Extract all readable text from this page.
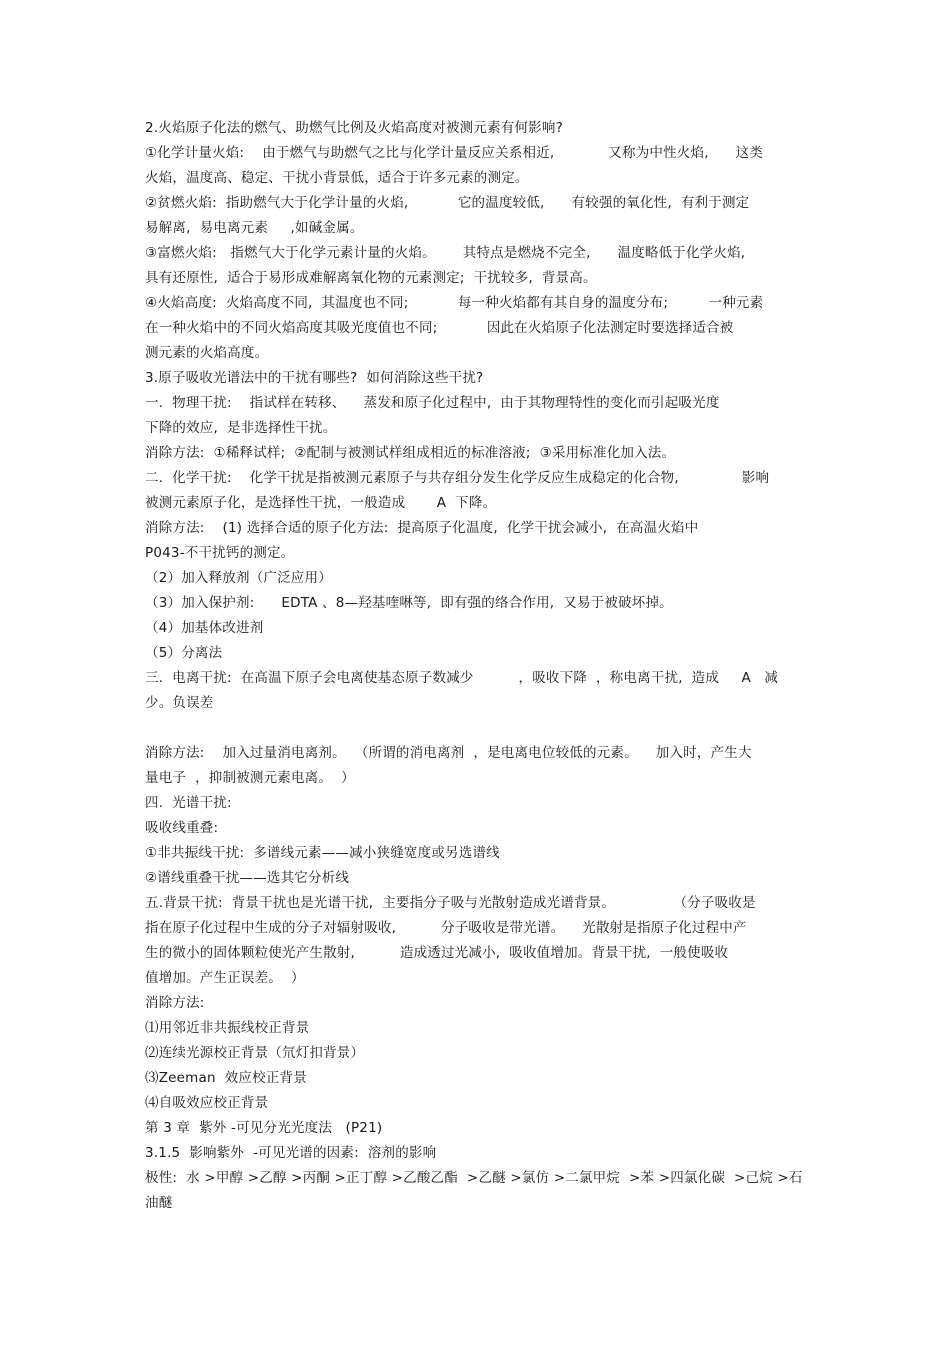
2.火焰原子化法的燃气、助燃气比例及火焰高度对被测元素有何影响?
①化学计量火焰:    由于燃气与助燃气之比与化学计量反应关系相近,            又称为中性火焰,      这类
火焰，温度高、稳定、干扰小背景低，适合于许多元素的测定。
②贫燃火焰:  指助燃气大于化学计量的火焰,           它的温度较低,      有较强的氧化性,  有利于测定
易解离,  易电离元素     ,如碱金属。
③富燃火焰:   指燃气大于化学元素计量的火焰。      其特点是燃烧不完全,      温度略低于化学火焰,
具有还原性,  适合于易形成难解离氧化物的元素测定;  干扰较多,  背景高。
④火焰高度:  火焰高度不同,  其温度也不同;           每一种火焰都有其自身的温度分布;         一种元素
在一种火焰中的不同火焰高度其吸光度值也不同;           因此在火焰原子化法测定时要选择适合被
测元素的火焰高度。
3.原子吸收光谱法中的干扰有哪些?  如何消除这些干扰?
一.  物理干扰:    指试样在转移、    蒸发和原子化过程中,  由于其物理特性的变化而引起吸光度
下降的效应,  是非选择性干扰。
消除方法:  ①稀释试样;  ②配制与被测试样组成相近的标准溶液;  ③采用标准化加入法。
二.  化学干扰:    化学干扰是指被测元素原子与共存组分发生化学反应生成稳定的化合物,              影响
被测元素原子化，是选择性干扰，一般造成       A  下降。
消除方法:    (1) 选择合适的原子化方法:  提高原子化温度,  化学干扰会减小,  在高温火焰中
P043-不干扰钙的测定。
（2）加入释放剂（广泛应用）
（3）加入保护剂:      EDTA 、8—羟基喹啉等,  即有强的络合作用,  又易于被破坏掉。
（4）加基体改进剂
（5）分离法
三.  电离干扰:  在高温下原子会电离使基态原子数减少          ，吸收下降  ，称电离干扰,  造成     A   减
少。负误差
消除方法:    加入过量消电离剂。  （所谓的消电离剂  ，是电离电位较低的元素。    加入时，产生大
量电子  ，抑制被测元素电离。  ）
四.  光谱干扰:
吸收线重叠:
①非共振线干扰:  多谱线元素——减小狭缝宽度或另选谱线
②谱线重叠干扰——选其它分析线
五.背景干扰:  背景干扰也是光谱干扰,  主要指分子吸与光散射造成光谱背景。             （分子吸收是
指在原子化过程中生成的分子对辐射吸收,          分子吸收是带光谱。    光散射是指原子化过程中产
生的微小的固体颗粒使光产生散射,          造成透过光减小,  吸收值增加。背景干扰,  一般使吸收
值增加。产生正误差。  ）
消除方法:
⑴用邻近非共振线校正背景
⑵连续光源校正背景（氘灯扣背景）
⑶Zeeman  效应校正背景
⑷自吸效应校正背景
第 3 章  紫外 -可见分光光度法   (P21)
3.1.5  影响紫外  -可见光谱的因素:  溶剂的影响
极性:  水 >甲醇 >乙醇 >丙酮 >正丁醇 >乙酸乙酯  >乙醚 >氯仿 >二氯甲烷  >苯 >四氯化碳  >己烷 >石
油醚
